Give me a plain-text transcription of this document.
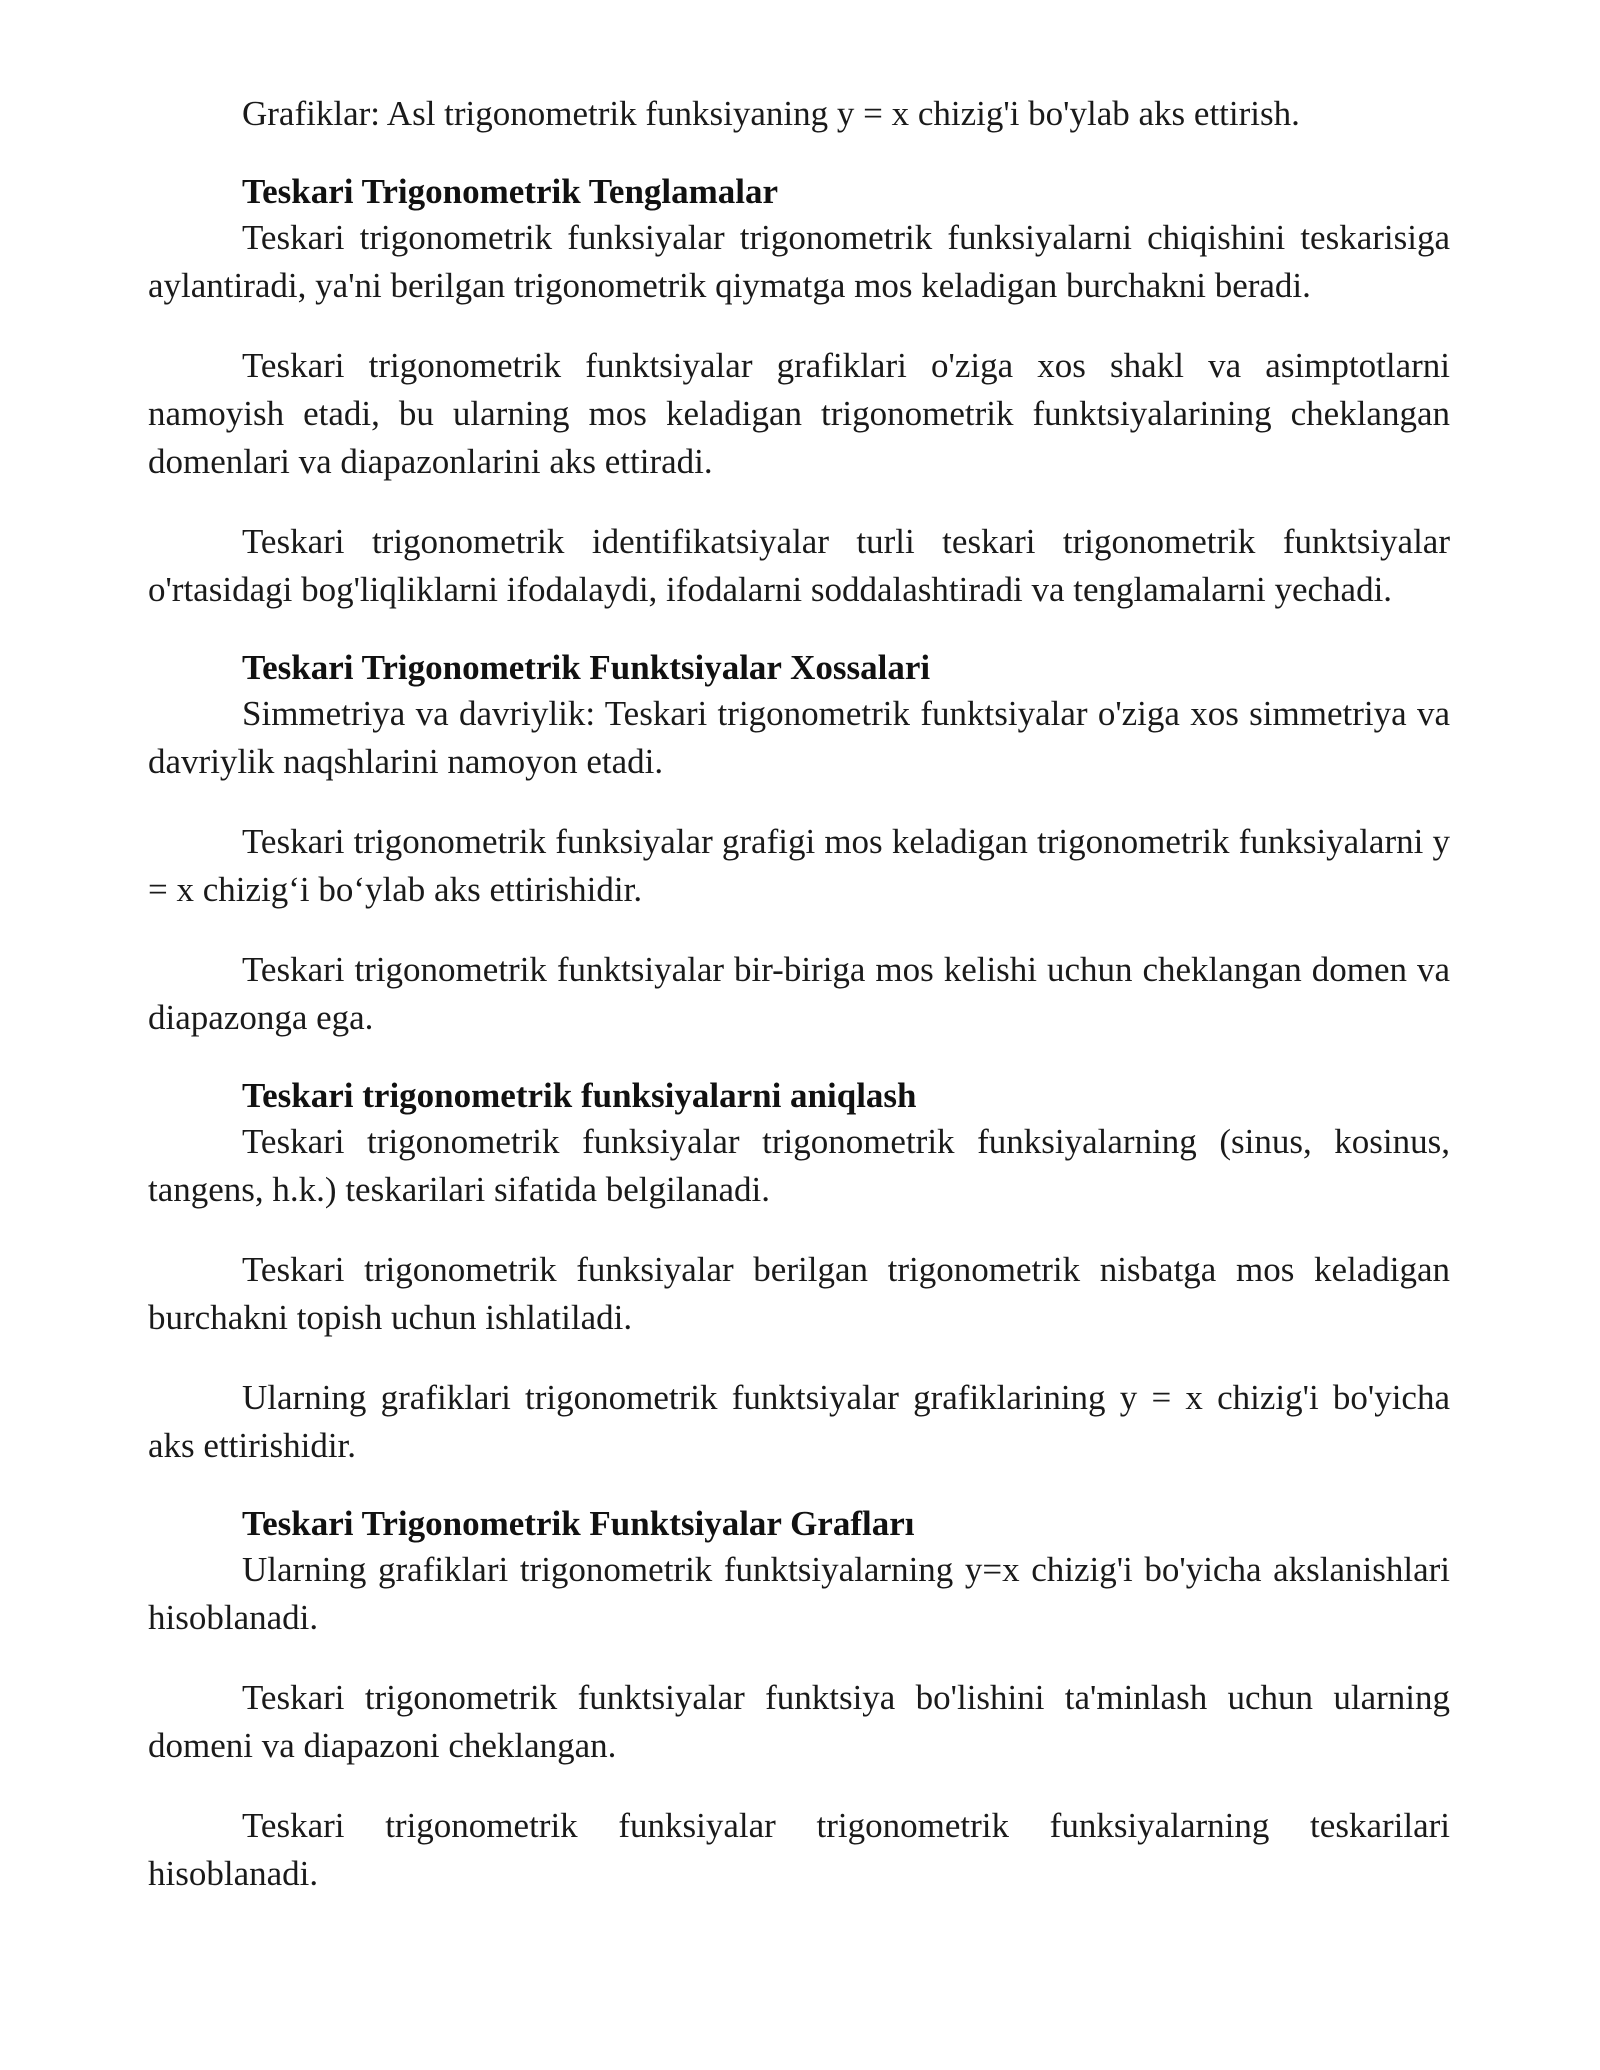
Grafiklar: Asl trigonometrik funksiyaning y = x chizig'i bo'ylab aks ettirish.

Teskari Trigonometrik Tenglamalar

Teskari trigonometrik funksiyalar trigonometrik funksiyalarni chiqishini teskarisiga aylantiradi, ya'ni berilgan trigonometrik qiymatga mos keladigan burchakni beradi.

Teskari trigonometrik funktsiyalar grafiklari o'ziga xos shakl va asimptotlarni namoyish etadi, bu ularning mos keladigan trigonometrik funktsiyalarining cheklangan domenlari va diapazonlarini aks ettiradi.

Teskari trigonometrik identifikatsiyalar turli teskari trigonometrik funktsiyalar o'rtasidagi bog'liqliklarni ifodalaydi, ifodalarni soddalashtiradi va tenglamalarni yechadi.

Teskari Trigonometrik Funktsiyalar Xossalari

Simmetriya va davriylik: Teskari trigonometrik funktsiyalar o'ziga xos simmetriya va davriylik naqshlarini namoyon etadi.

Teskari trigonometrik funksiyalar grafigi mos keladigan trigonometrik funksiyalarni y = x chizig‘i bo‘ylab aks ettirishidir.

Teskari trigonometrik funktsiyalar bir-biriga mos kelishi uchun cheklangan domen va diapazonga ega.

Teskari trigonometrik funksiyalarni aniqlash

Teskari trigonometrik funksiyalar trigonometrik funksiyalarning (sinus, kosinus, tangens, h.k.) teskarilari sifatida belgilanadi.

Teskari trigonometrik funksiyalar berilgan trigonometrik nisbatga mos keladigan burchakni topish uchun ishlatiladi.

Ularning grafiklari trigonometrik funktsiyalar grafiklarining y = x chizig'i bo'yicha aks ettirishidir.

Teskari Trigonometrik Funktsiyalar Grafları

Ularning grafiklari trigonometrik funktsiyalarning y=x chizig'i bo'yicha akslanishlari hisoblanadi.

Teskari trigonometrik funktsiyalar funktsiya bo'lishini ta'minlash uchun ularning domeni va diapazoni cheklangan.

Teskari trigonometrik funksiyalar trigonometrik funksiyalarning teskarilari hisoblanadi.
